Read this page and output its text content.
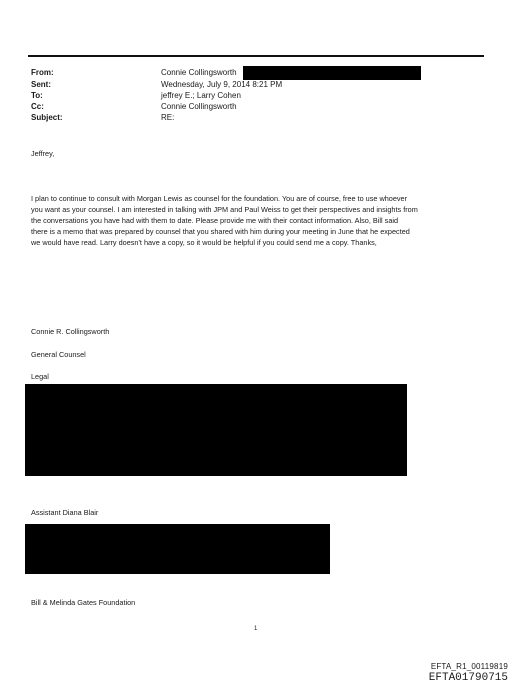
From:	Connie Collingsworth
Sent:	Wednesday, July 9, 2014 8:21 PM
To:	jeffrey E.; Larry Cohen
Cc:	Connie Collingsworth
Subject:	RE:
Jeffrey,
I plan to continue to consult with Morgan Lewis as counsel for the foundation. You are of course, free to use whoever
you want as your counsel. I am interested in talking with JPM and Paul Weiss to get their perspectives and insights from
the conversations you have had with them to date. Please provide me with their contact information. Also, Bill said
there is a memo that was prepared by counsel that you shared with him during your meeting in June that he expected
we would have read. Larry doesn't have a copy, so it would be helpful if you could send me a copy. Thanks,
Connie R. Collingsworth
General Counsel
Legal
Assistant Diana Blair
Bill & Melinda Gates Foundation
1
EFTA_R1_00119819
EFTA01790715
